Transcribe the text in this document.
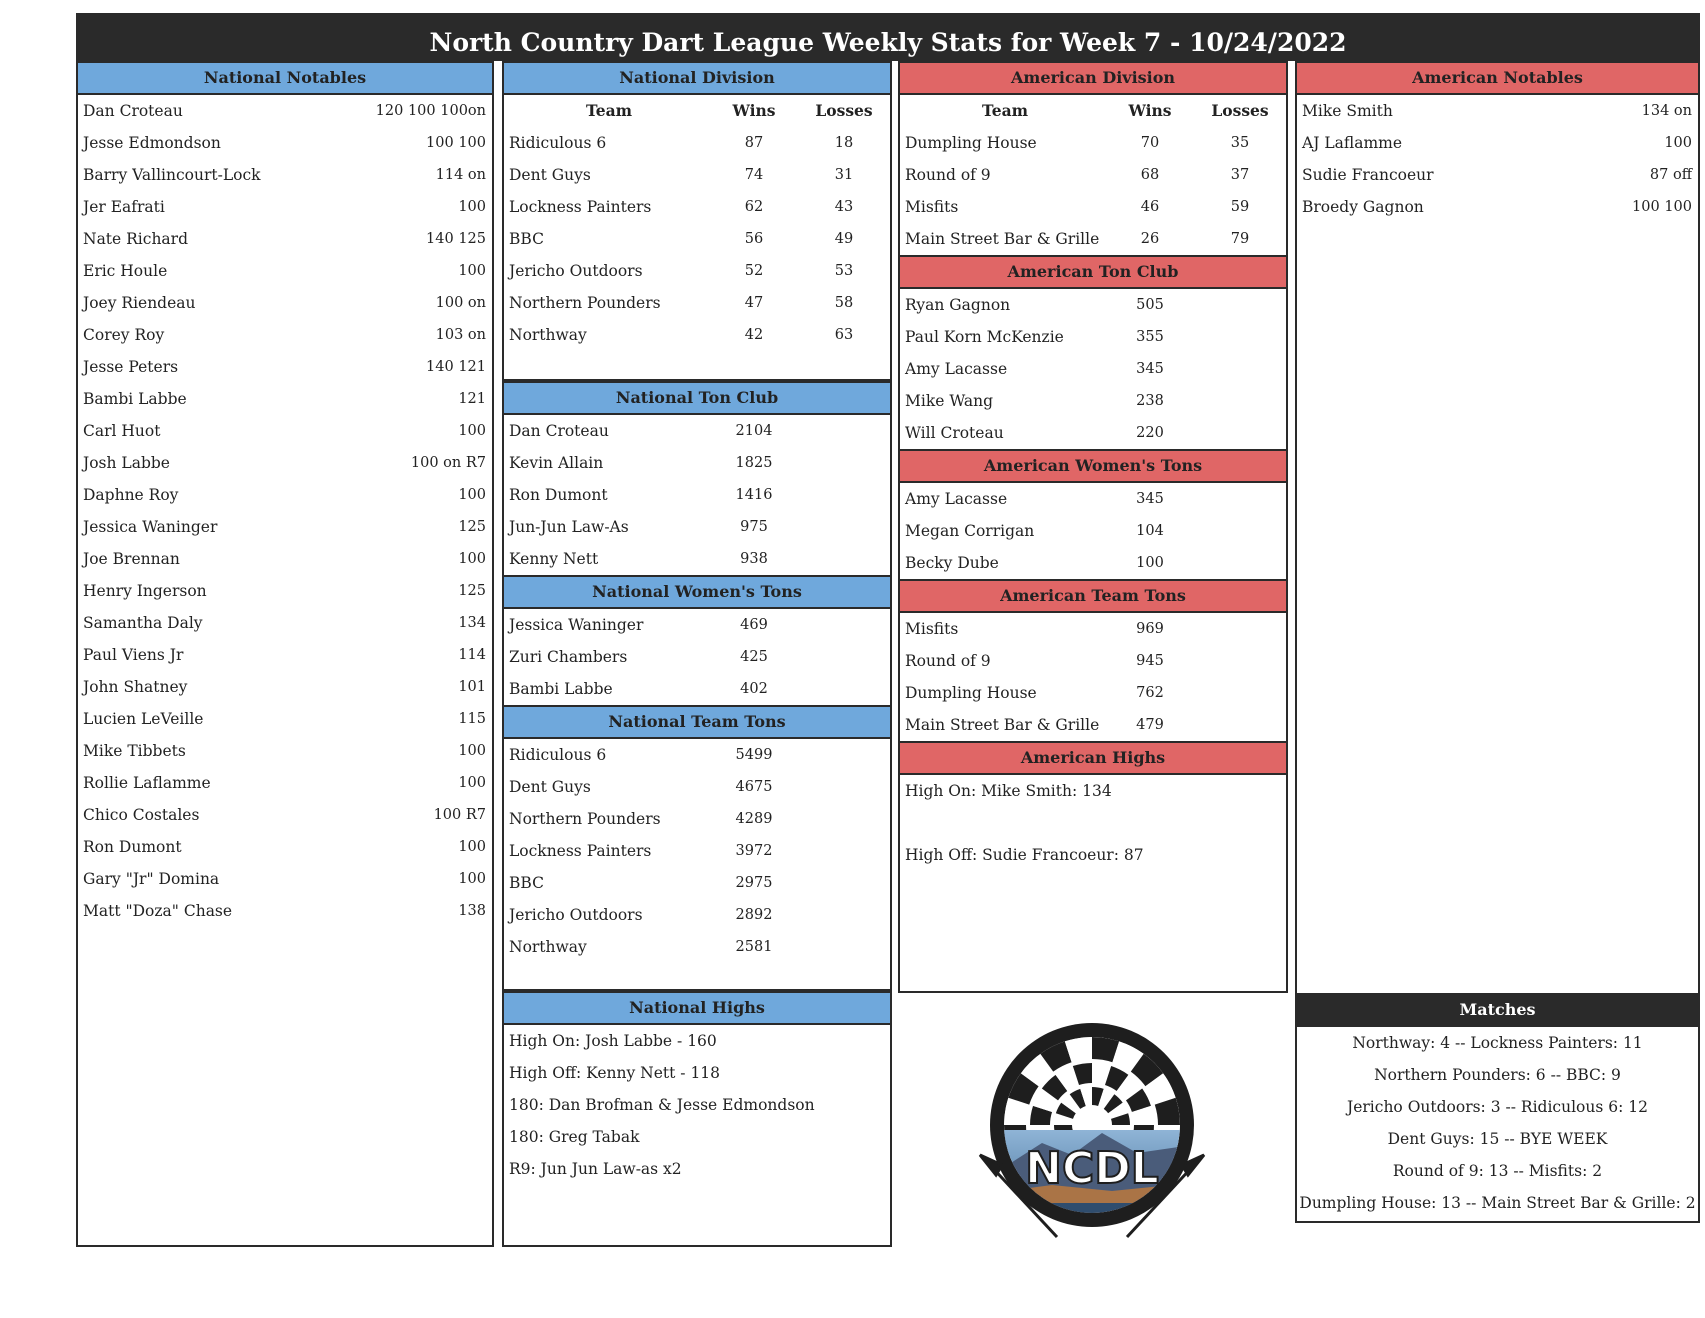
North Country Dart League Weekly Stats for Week 7 - 10/24/2022
National Notables
Dan Croteau	120 100 100on
Jesse Edmondson	100 100
Barry Vallincourt-Lock	114 on
Jer Eafrati	100
Nate Richard	140 125
Eric Houle	100
Joey Riendeau	100 on
Corey Roy	103 on
Jesse Peters	140 121
Bambi Labbe	121
Carl Huot	100
Josh Labbe	100 on R7
Daphne Roy	100
Jessica Waninger	125
Joe Brennan	100
Henry Ingerson	125
Samantha Daly	134
Paul Viens Jr	114
John Shatney	101
Lucien LeVeille	115
Mike Tibbets	100
Rollie Laflamme	100
Chico Costales	100 R7
Ron Dumont	100
Gary "Jr" Domina	100
Matt "Doza" Chase	138
National Division
Team	Wins	Losses
Ridiculous 6	87	18
Dent Guys	74	31
Lockness Painters	62	43
BBC	56	49
Jericho Outdoors	52	53
Northern Pounders	47	58
Northway	42	63
National Ton Club
Dan Croteau	2104
Kevin Allain	1825
Ron Dumont	1416
Jun-Jun Law-As	975
Kenny Nett	938
National Women's Tons
Jessica Waninger	469
Zuri Chambers	425
Bambi Labbe	402
National Team Tons
Ridiculous 6	5499
Dent Guys	4675
Northern Pounders	4289
Lockness Painters	3972
BBC	2975
Jericho Outdoors	2892
Northway	2581
National Highs
High On: Josh Labbe - 160
High Off: Kenny Nett - 118
180: Dan Brofman & Jesse Edmondson
180: Greg Tabak
R9: Jun Jun Law-as x2
American Division
Team	Wins	Losses
Dumpling House	70	35
Round of 9	68	37
Misfits	46	59
Main Street Bar & Grille	26	79
American Ton Club
Ryan Gagnon	505
Paul Korn McKenzie	355
Amy Lacasse	345
Mike Wang	238
Will Croteau	220
American Women's Tons
Amy Lacasse	345
Megan Corrigan	104
Becky Dube	100
American Team Tons
Misfits	969
Round of 9	945
Dumpling House	762
Main Street Bar & Grille	479
American Highs
High On: Mike Smith: 134
High Off: Sudie Francoeur: 87
American Notables
Mike Smith	134 on
AJ Laflamme	100
Sudie Francoeur	87 off
Broedy Gagnon	100 100
Matches
Northway: 4 -- Lockness Painters: 11
Northern Pounders: 6 -- BBC: 9
Jericho Outdoors: 3 -- Ridiculous 6: 12
Dent Guys: 15 -- BYE WEEK
Round of 9: 13 -- Misfits: 2
Dumpling House: 13 -- Main Street Bar & Grille: 2
NCDL
